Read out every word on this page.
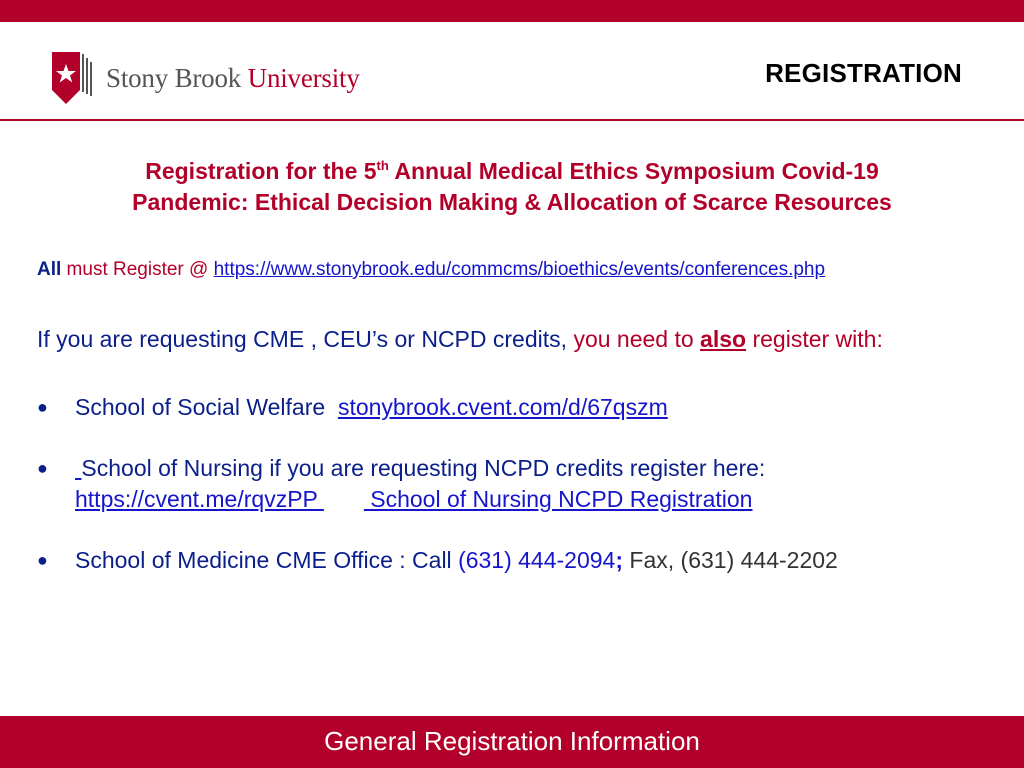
Stony Brook University	REGISTRATION
Registration for the 5th Annual Medical Ethics Symposium Covid-19
Pandemic: Ethical Decision Making & Allocation of Scarce Resources
All must Register @ https://www.stonybrook.edu/commcms/bioethics/events/conferences.php
If you are requesting CME , CEU’s or NCPD credits, you need to also register with:
● School of Social Welfare  stonybrook.cvent.com/d/67qszm
● School of Nursing if you are requesting NCPD credits register here:
https://cvent.me/rqvzPP  School of Nursing NCPD Registration
● School of Medicine CME Office : Call (631) 444-2094; Fax, (631) 444-2202
General Registration Information
